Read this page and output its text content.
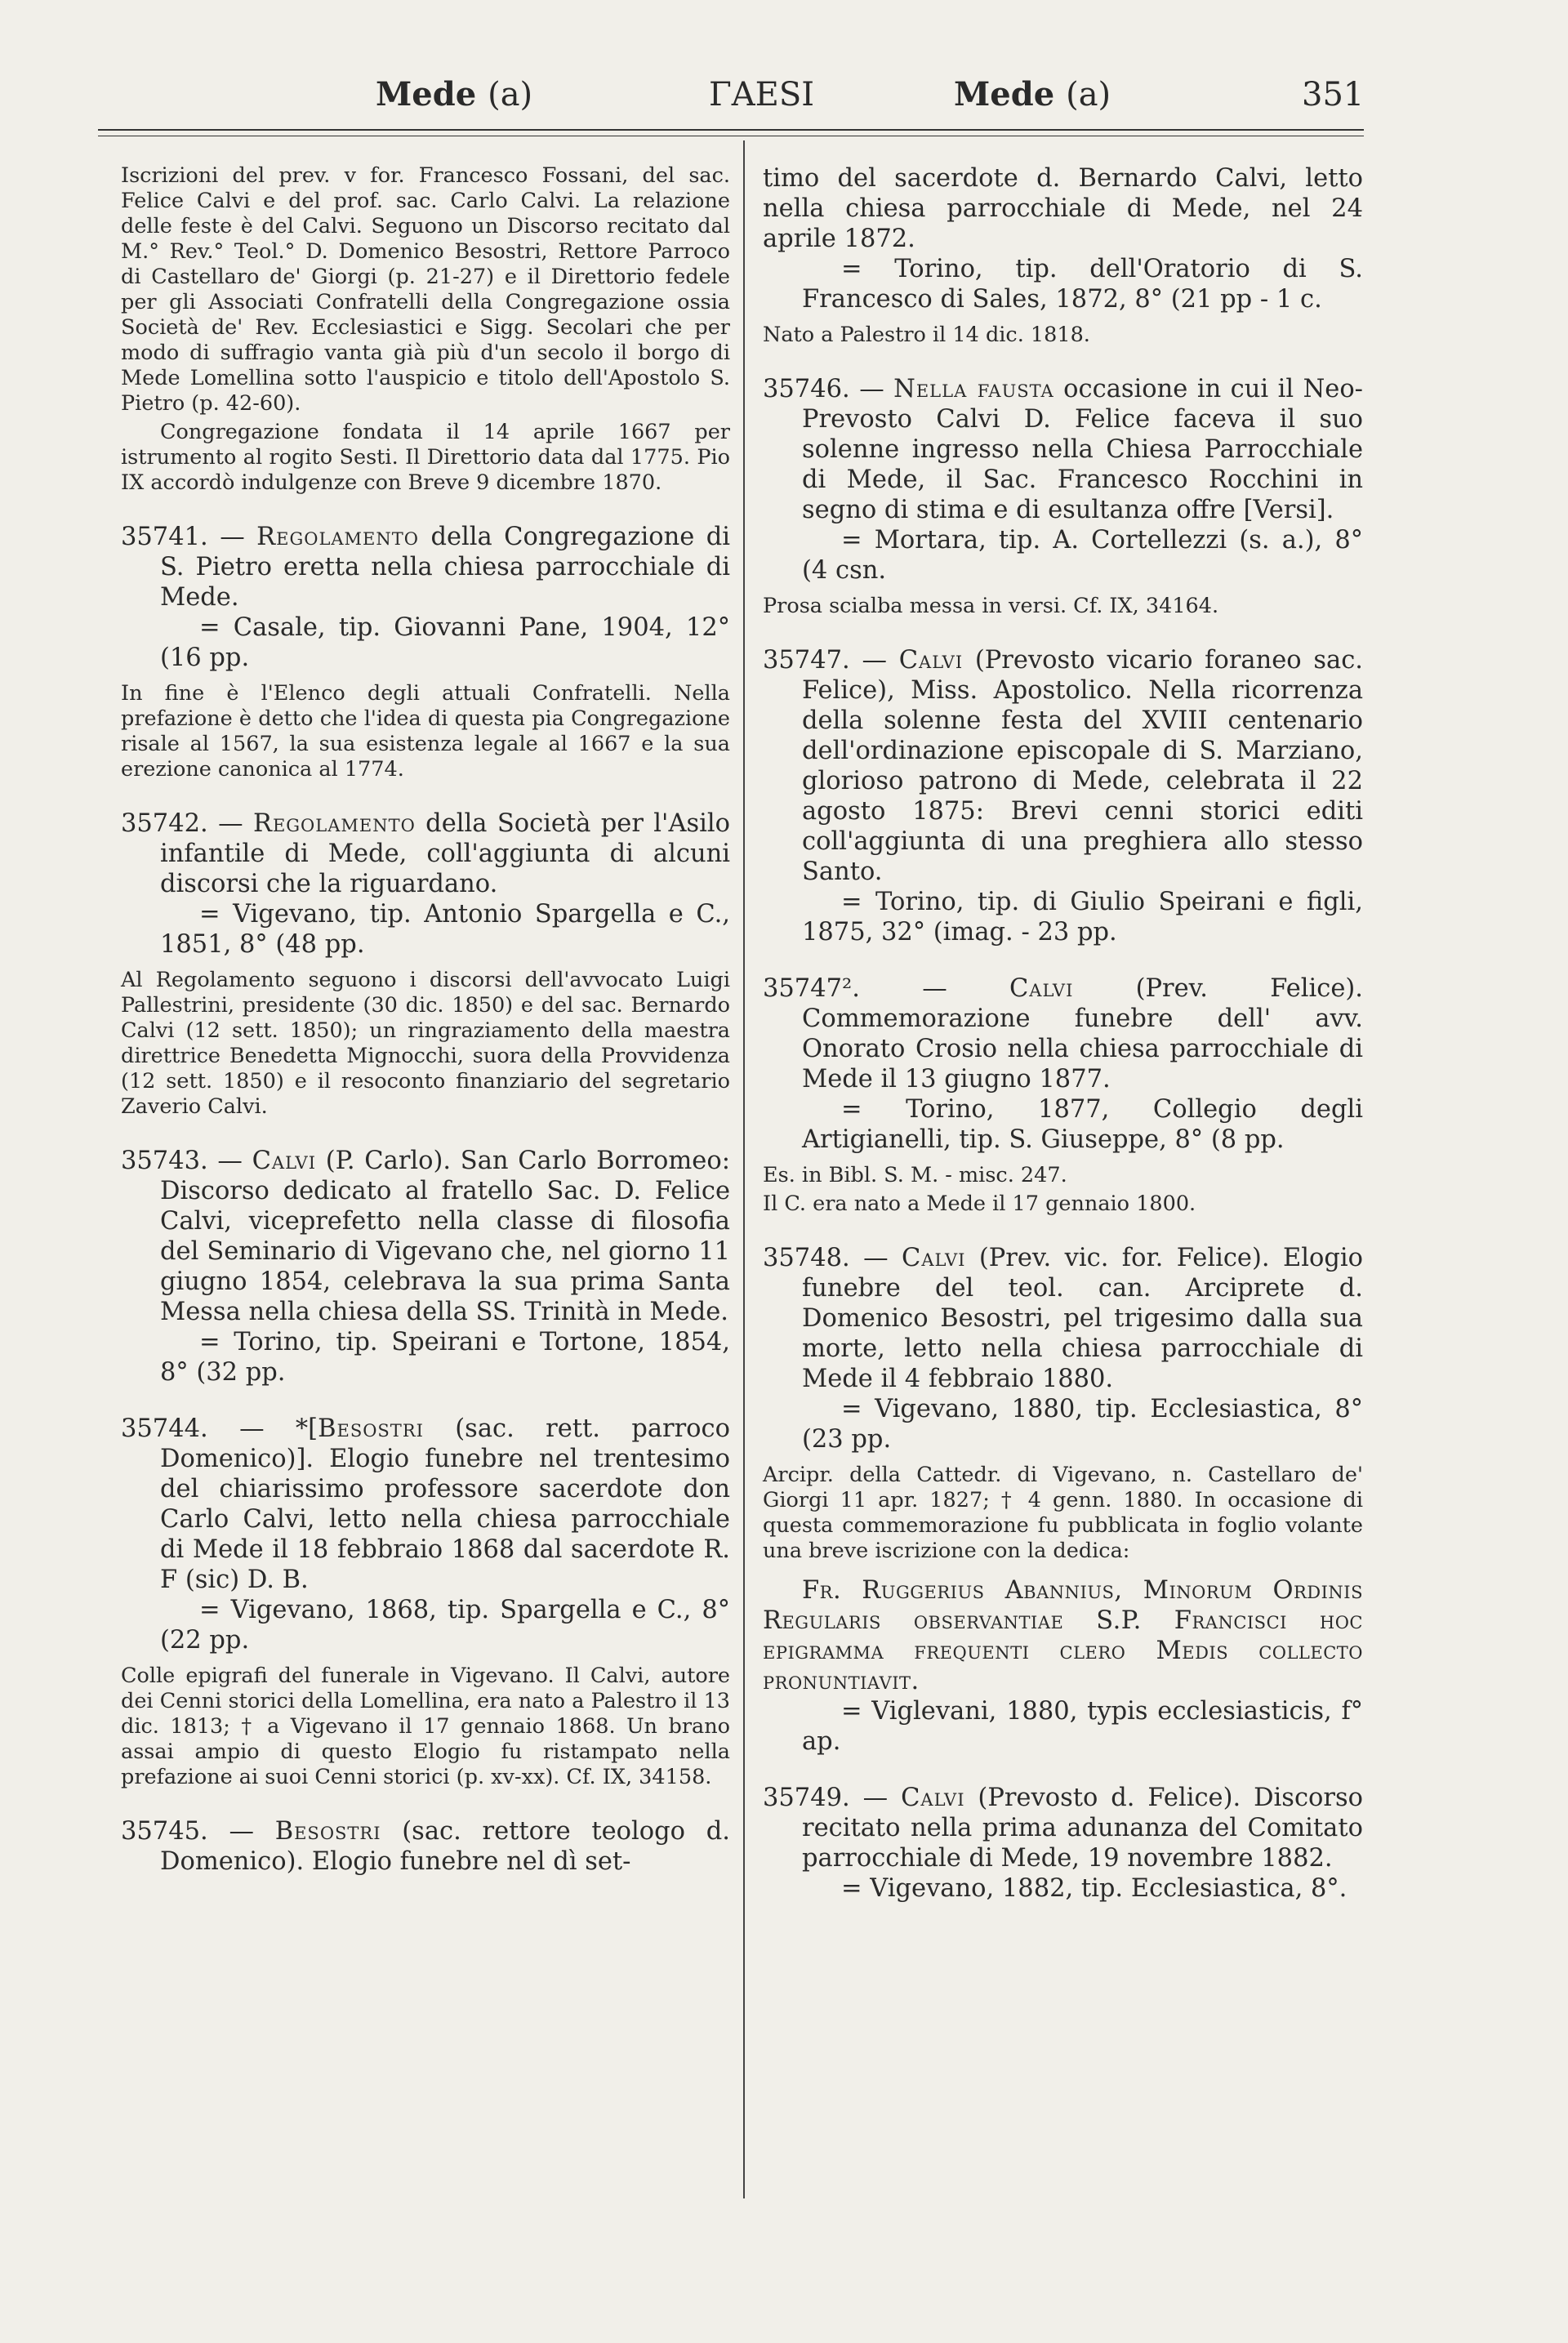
Mede (a)	ΓAESI	Mede (a)	351

Iscrizioni del prev. v for. Francesco Fossani, del sac. Felice Calvi e del prof. sac. Carlo Calvi. La relazione delle feste è del Calvi. Seguono un Discorso recitato dal M.° Rev.° Teol.° D. Domenico Besostri, Rettore Parroco di Castellaro de' Giorgi (p. 21-27) e il Direttorio fedele per gli Associati Confratelli della Congregazione ossia Società de' Rev. Ecclesiastici e Sigg. Secolari che per modo di suffragio vanta già più d'un secolo il borgo di Mede Lomellina sotto l'auspicio e titolo dell'Apostolo S. Pietro (p. 42-60).

Congregazione fondata il 14 aprile 1667 per istrumento al rogito Sesti. Il Direttorio data dal 1775. Pio IX accordò indulgenze con Breve 9 dicembre 1870.

35741. — Regolamento della Congregazione di S. Pietro eretta nella chiesa parrocchiale di Mede.

= Casale, tip. Giovanni Pane, 1904, 12° (16 pp.

In fine è l'Elenco degli attuali Confratelli. Nella prefazione è detto che l'idea di questa pia Congregazione risale al 1567, la sua esistenza legale al 1667 e la sua erezione canonica al 1774.

35742. — Regolamento della Società per l'Asilo infantile di Mede, coll'aggiunta di alcuni discorsi che la riguardano.

= Vigevano, tip. Antonio Spargella e C., 1851, 8° (48 pp.

Al Regolamento seguono i discorsi dell'avvocato Luigi Pallestrini, presidente (30 dic. 1850) e del sac. Bernardo Calvi (12 sett. 1850); un ringraziamento della maestra direttrice Benedetta Mignocchi, suora della Provvidenza (12 sett. 1850) e il resoconto finanziario del segretario Zaverio Calvi.

35743. — Calvi (P. Carlo). San Carlo Borromeo: Discorso dedicato al fratello Sac. D. Felice Calvi, viceprefetto nella classe di filosofia del Seminario di Vigevano che, nel giorno 11 giugno 1854, celebrava la sua prima Santa Messa nella chiesa della SS. Trinità in Mede.

= Torino, tip. Speirani e Tortone, 1854, 8° (32 pp.

35744. — *[Besostri (sac. rett. parroco Domenico)]. Elogio funebre nel trentesimo del chiarissimo professore sacerdote don Carlo Calvi, letto nella chiesa parrocchiale di Mede il 18 febbraio 1868 dal sacerdote R. F (sic) D. B.

= Vigevano, 1868, tip. Spargella e C., 8° (22 pp.

Colle epigrafi del funerale in Vigevano. Il Calvi, autore dei Cenni storici della Lomellina, era nato a Palestro il 13 dic. 1813; † a Vigevano il 17 gennaio 1868. Un brano assai ampio di questo Elogio fu ristampato nella prefazione ai suoi Cenni storici (p. xv-xx). Cf. IX, 34158.

35745. — Besostri (sac. rettore teologo d. Domenico). Elogio funebre nel dì set-

timo del sacerdote d. Bernardo Calvi, letto nella chiesa parrocchiale di Mede, nel 24 aprile 1872.

= Torino, tip. dell'Oratorio di S. Francesco di Sales, 1872, 8° (21 pp - 1 c.

Nato a Palestro il 14 dic. 1818.

35746. — Nella fausta occasione in cui il Neo-Prevosto Calvi D. Felice faceva il suo solenne ingresso nella Chiesa Parrocchiale di Mede, il Sac. Francesco Rocchini in segno di stima e di esultanza offre [Versi].

= Mortara, tip. A. Cortellezzi (s. a.), 8° (4 csn.

Prosa scialba messa in versi. Cf. IX, 34164.

35747. — Calvi (Prevosto vicario foraneo sac. Felice), Miss. Apostolico. Nella ricorrenza della solenne festa del XVIII centenario dell'ordinazione episcopale di S. Marziano, glorioso patrono di Mede, celebrata il 22 agosto 1875: Brevi cenni storici editi coll'aggiunta di una preghiera allo stesso Santo.

= Torino, tip. di Giulio Speirani e figli, 1875, 32° (imag. - 23 pp.

35747². — Calvi (Prev. Felice). Commemorazione funebre dell' avv. Onorato Crosio nella chiesa parrocchiale di Mede il 13 giugno 1877.

= Torino, 1877, Collegio degli Artigianelli, tip. S. Giuseppe, 8° (8 pp.

Es. in Bibl. S. M. - misc. 247.

Il C. era nato a Mede il 17 gennaio 1800.

35748. — Calvi (Prev. vic. for. Felice). Elogio funebre del teol. can. Arciprete d. Domenico Besostri, pel trigesimo dalla sua morte, letto nella chiesa parrocchiale di Mede il 4 febbraio 1880.

= Vigevano, 1880, tip. Ecclesiastica, 8° (23 pp.

Arcipr. della Cattedr. di Vigevano, n. Castellaro de' Giorgi 11 apr. 1827; † 4 genn. 1880. In occasione di questa commemorazione fu pubblicata in foglio volante una breve iscrizione con la dedica:

Fr. Ruggerius Abannius, Minorum Ordinis Regularis observantiae S.P. Francisci hoc epigramma frequenti clero Medis collecto pronuntiavit.

= Viglevani, 1880, typis ecclesiasticis, f° ap.

35749. — Calvi (Prevosto d. Felice). Discorso recitato nella prima adunanza del Comitato parrocchiale di Mede, 19 novembre 1882.

= Vigevano, 1882, tip. Ecclesiastica, 8°.
